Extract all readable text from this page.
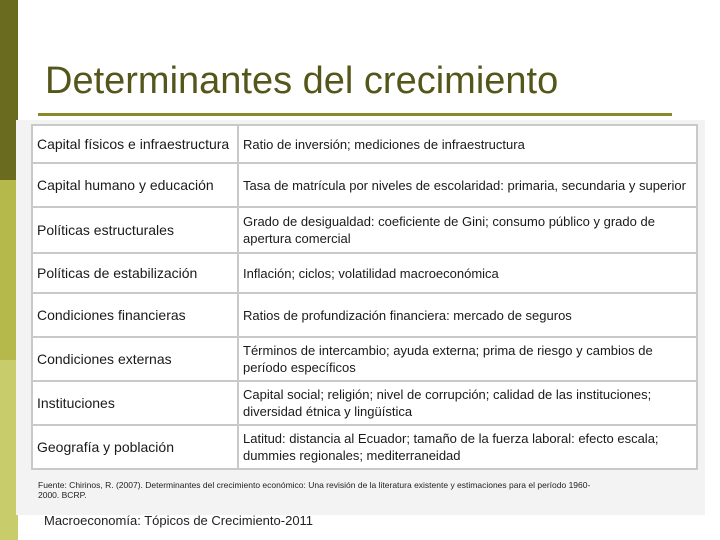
Determinantes del crecimiento
Capital físicos e infraestructura	Ratio de inversión; mediciones de infraestructura
Capital humano y educación	Tasa de matrícula por niveles de escolaridad: primaria, secundaria y superior
Políticas estructurales	Grado de desigualdad: coeficiente de Gini; consumo público y grado de apertura comercial
Políticas de estabilización	Inflación; ciclos; volatilidad macroeconómica
Condiciones financieras	Ratios de profundización financiera: mercado de seguros
Condiciones externas	Términos de intercambio; ayuda externa; prima de riesgo y cambios de período específicos
Instituciones	Capital social; religión; nivel de corrupción; calidad de las instituciones; diversidad étnica y lingüística
Geografía y población	Latitud: distancia al Ecuador; tamaño de la fuerza laboral: efecto escala; dummies regionales; mediterraneidad
Fuente: Chirinos, R. (2007). Determinantes del crecimiento económico: Una revisión de la literatura existente y estimaciones para el período 1960-2000. BCRP.
Macroeconomía: Tópicos de Crecimiento-2011
